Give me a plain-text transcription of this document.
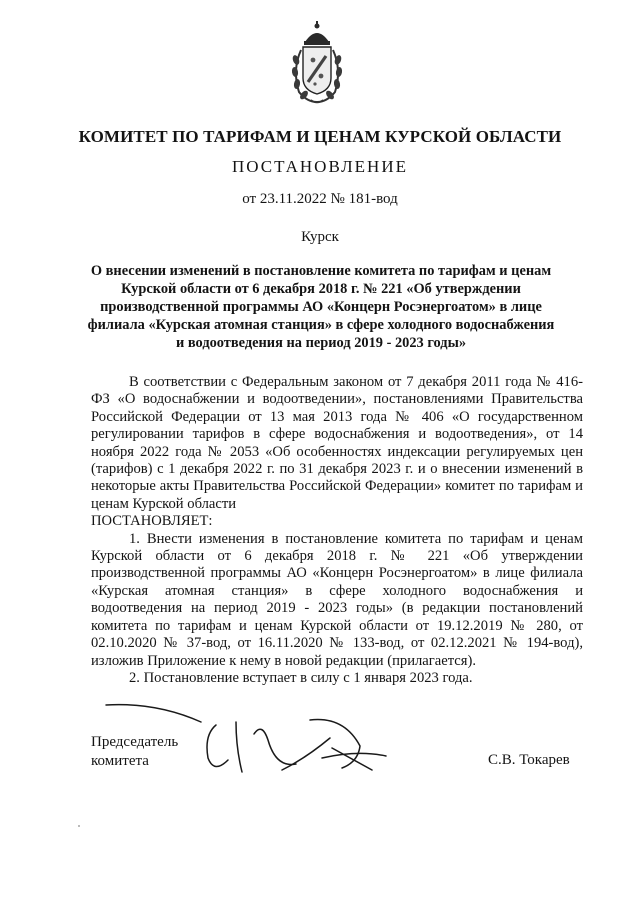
КОМИТЕТ ПО ТАРИФАМ И ЦЕНАМ КУРСКОЙ ОБЛАСТИ
ПОСТАНОВЛЕНИЕ
от 23.11.2022 № 181-вод
Курск
О внесении изменений в постановление комитета по тарифам и ценам Курской области от 6 декабря 2018 г. № 221 «Об утверждении производственной программы АО «Концерн Росэнергоатом» в лице филиала «Курская атомная станция» в сфере холодного водоснабжения и водоотведения на период 2019 - 2023 годы»

В соответствии с Федеральным законом от 7 декабря 2011 года № 416-ФЗ «О водоснабжении и водоотведении», постановлениями Правительства Российской Федерации от 13 мая 2013 года № 406 «О государственном регулировании тарифов в сфере водоснабжения и водоотведения», от 14 ноября 2022 года № 2053 «Об особенностях индексации регулируемых цен (тарифов) с 1 декабря 2022 г. по 31 декабря 2023 г. и о внесении изменений в некоторые акты Правительства Российской Федерации» комитет по тарифам и ценам Курской области

ПОСТАНОВЛЯЕТ:

1. Внести изменения в постановление комитета по тарифам и ценам Курской области от 6 декабря 2018 г. № 221 «Об утверждении производственной программы АО «Концерн Росэнергоатом» в лице филиала «Курская атомная станция» в сфере холодного водоснабжения и водоотведения на период 2019 - 2023 годы» (в редакции постановлений комитета по тарифам и ценам Курской области от 19.12.2019 № 280, от 02.10.2020 № 37-вод, от 16.11.2020 № 133-вод, от 02.12.2021 № 194-вод), изложив Приложение к нему в новой редакции (прилагается).

2. Постановление вступает в силу с 1 января 2023 года.

Председатель
комитета	С.В. Токарев
